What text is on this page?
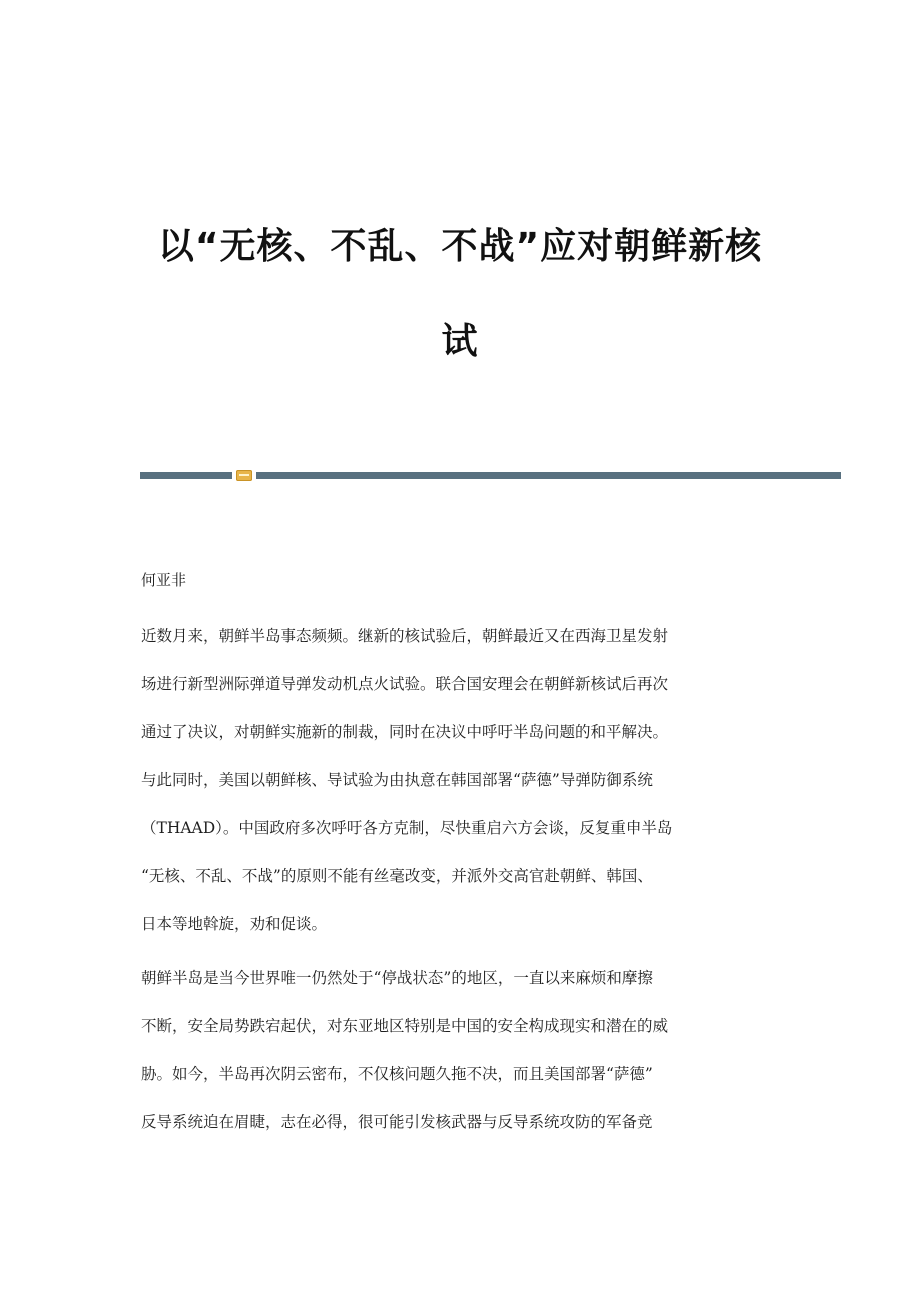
以“无核、不乱、不战”应对朝鲜新核
试
何亚非
近数月来，朝鲜半岛事态频频。继新的核试验后，朝鲜最近又在西海卫星发射
场进行新型洲际弹道导弹发动机点火试验。联合国安理会在朝鲜新核试后再次
通过了决议，对朝鲜实施新的制裁，同时在决议中呼吁半岛问题的和平解决。
与此同时，美国以朝鲜核、导试验为由执意在韩国部署“萨德”导弹防御系统
（THAAD）。中国政府多次呼吁各方克制，尽快重启六方会谈，反复重申半岛
“无核、不乱、不战”的原则不能有丝毫改变，并派外交高官赴朝鲜、韩国、
日本等地斡旋，劝和促谈。
朝鲜半岛是当今世界唯一仍然处于“停战状态”的地区，一直以来麻烦和摩擦
不断，安全局势跌宕起伏，对东亚地区特别是中国的安全构成现实和潜在的威
胁。如今，半岛再次阴云密布，不仅核问题久拖不决，而且美国部署“萨德”
反导系统迫在眉睫，志在必得，很可能引发核武器与反导系统攻防的军备竞
